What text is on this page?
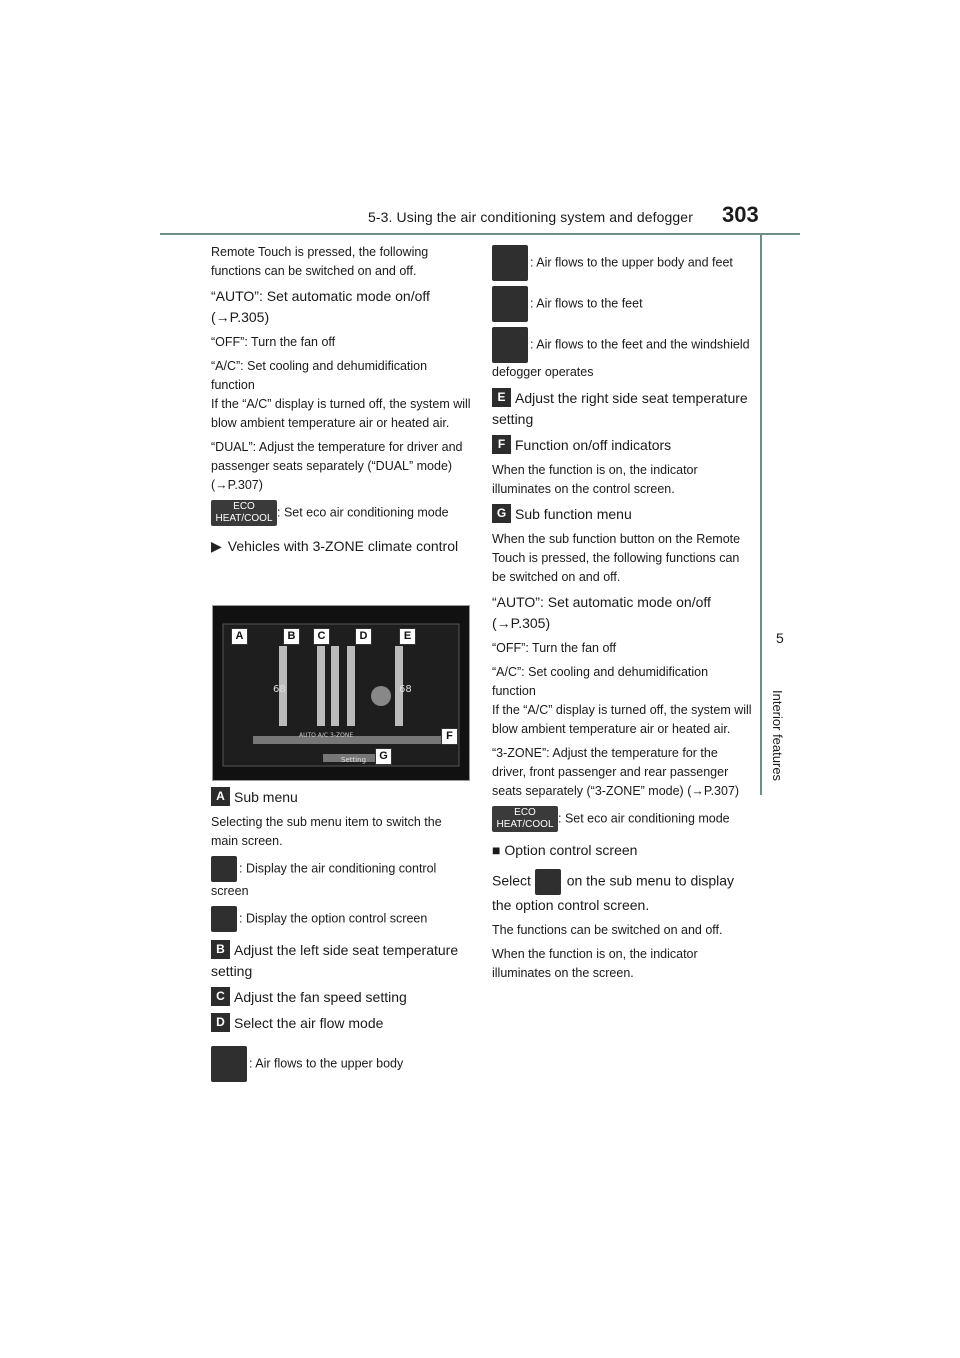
5-3. Using the air conditioning system and defogger 303
5
Interior features

Remote Touch is pressed, the following functions can be switched on and off.

“AUTO”: Set automatic mode on/off (→P.305)

“OFF”: Turn the fan off

“A/C”: Set cooling and dehumidification function
If the “A/C” display is turned off, the system will blow ambient temperature air or heated air.

“DUAL”: Adjust the temperature for driver and passenger seats separately (“DUAL” mode) (→P.307)

ECO
HEAT/COOL : Set eco air conditioning mode

▶ Vehicles with 3-ZONE climate control

68	68
AUTO A/C 3-ZONE
Setting
A	B	C	D	E
F
G

A Sub menu

Selecting the sub menu item to switch the main screen.

: Display the air conditioning control screen

: Display the option control screen

B Adjust the left side seat temperature setting

C Adjust the fan speed setting

D Select the air flow mode

: Air flows to the upper body

: Air flows to the upper body and feet

: Air flows to the feet

: Air flows to the feet and the windshield defogger operates

E Adjust the right side seat temperature setting

F Function on/off indicators

When the function is on, the indicator illuminates on the control screen.

G Sub function menu

When the sub function button on the Remote Touch is pressed, the following functions can be switched on and off.

“AUTO”: Set automatic mode on/off (→P.305)

“OFF”: Turn the fan off

“A/C”: Set cooling and dehumidification function
If the “A/C” display is turned off, the system will blow ambient temperature air or heated air.

“3-ZONE”: Adjust the temperature for the driver, front passenger and rear passenger seats separately (“3-ZONE” mode) (→P.307)

ECO
HEAT/COOL : Set eco air conditioning mode

■ Option control screen

Select	on the sub menu to display the option control screen.

The functions can be switched on and off.

When the function is on, the indicator illuminates on the screen.
